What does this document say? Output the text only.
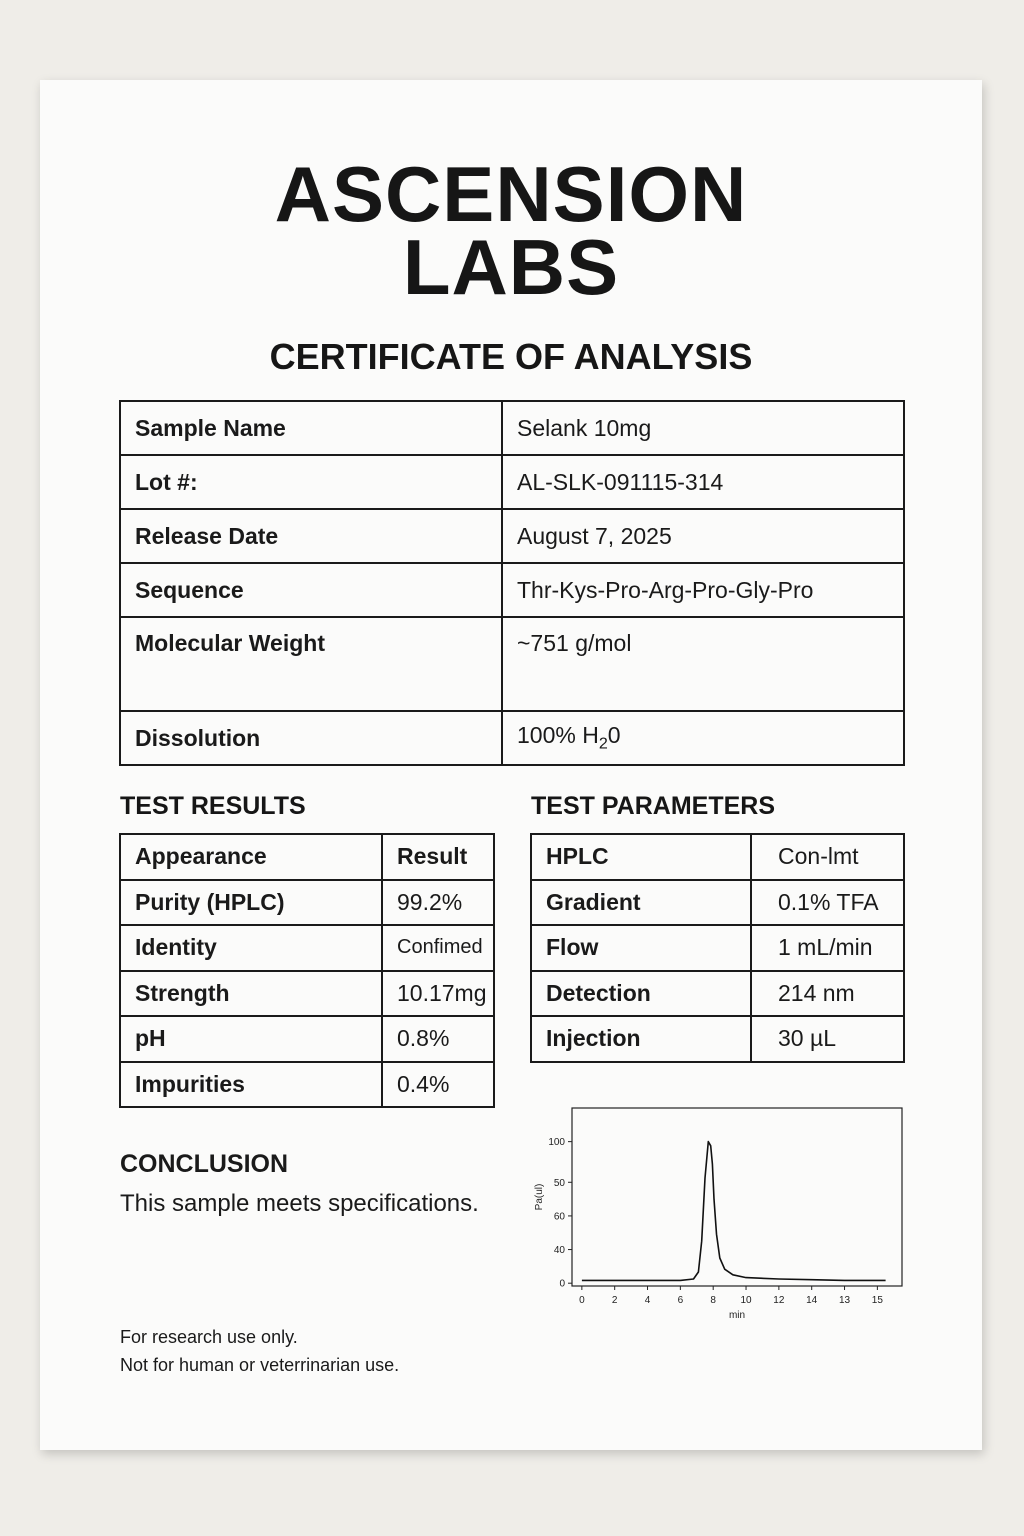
ASCENSION
LABS
CERTIFICATE OF ANALYSIS
Sample Name	Selank 10mg
Lot #:	AL-SLK-091115-314
Release Date	August 7, 2025
Sequence	Thr-Kys-Pro-Arg-Pro-Gly-Pro
Molecular Weight	~751 g/mol
Dissolution	100% $H_20$
TEST RESULTS	TEST PARAMETERS
Appearance	Result
Purity (HPLC)	99.2%
Identity	Confimed
Strength	10.17mg
pH	0.8%
Impurities	0.4%
HPLC	Con-lmt
Gradient	0.1% TFA
Flow	1 mL/min
Detection	214 nm
Injection	30 µL
CONCLUSION
This sample meets specifications.
0	2	4	6	8 10 12 14 13 15
0
40
60
50
100
min
Pa(ul)
For research use only.
Not for human or veterrinarian use.
